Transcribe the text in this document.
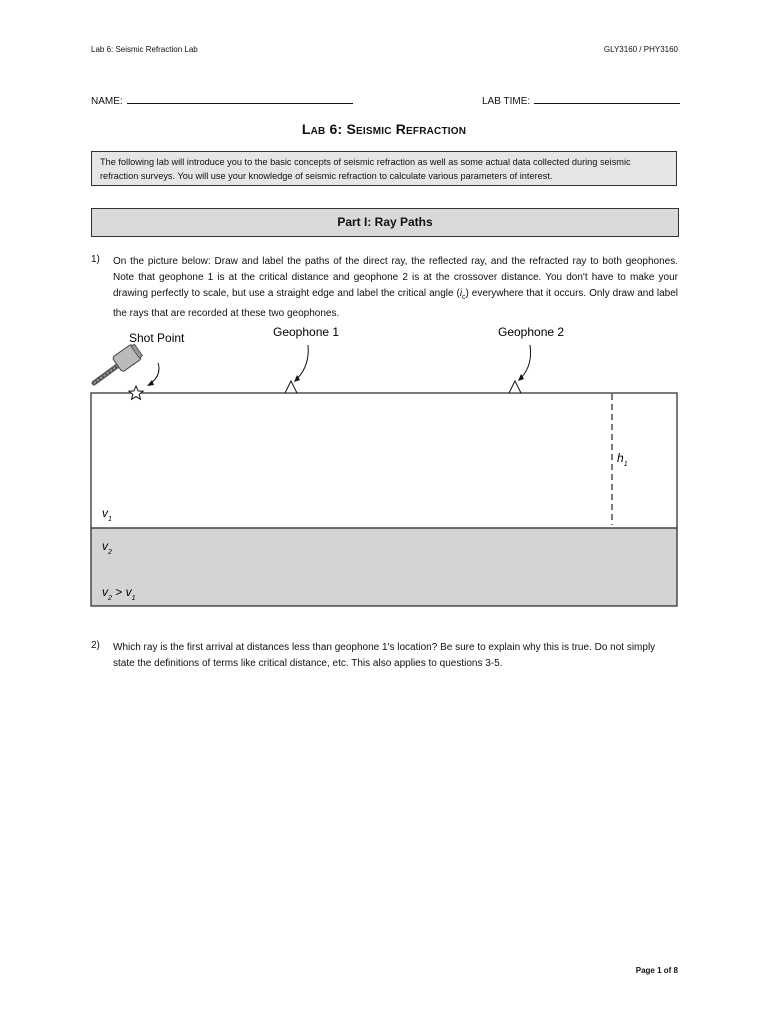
Lab 6: Seismic Refraction Lab	GLY3160 / PHY3160
NAME:	LAB TIME:
Lab 6: Seismic Refraction
The following lab will introduce you to the basic concepts of seismic refraction as well as some actual data collected during seismic refraction surveys. You will use your knowledge of seismic refraction to calculate various parameters of interest.
Part I: Ray Paths
1) On the picture below: Draw and label the paths of the direct ray, the reflected ray, and the refracted ray to both geophones. Note that geophone 1 is at the critical distance and geophone 2 is at the crossover distance. You don't have to make your drawing perfectly to scale, but use a straight edge and label the critical angle $(i_c)$ everywhere that it occurs. Only draw and label the rays that are recorded at these two geophones.
Shot Point	Geophone 1	Geophone 2
$h_1$
$v_1$
$v_2$
$v_2 > v_1$
2) Which ray is the first arrival at distances less than geophone 1's location? Be sure to explain why this is true. Do not simply state the definitions of terms like critical distance, etc. This also applies to questions 3-5.
Page 1 of 8
